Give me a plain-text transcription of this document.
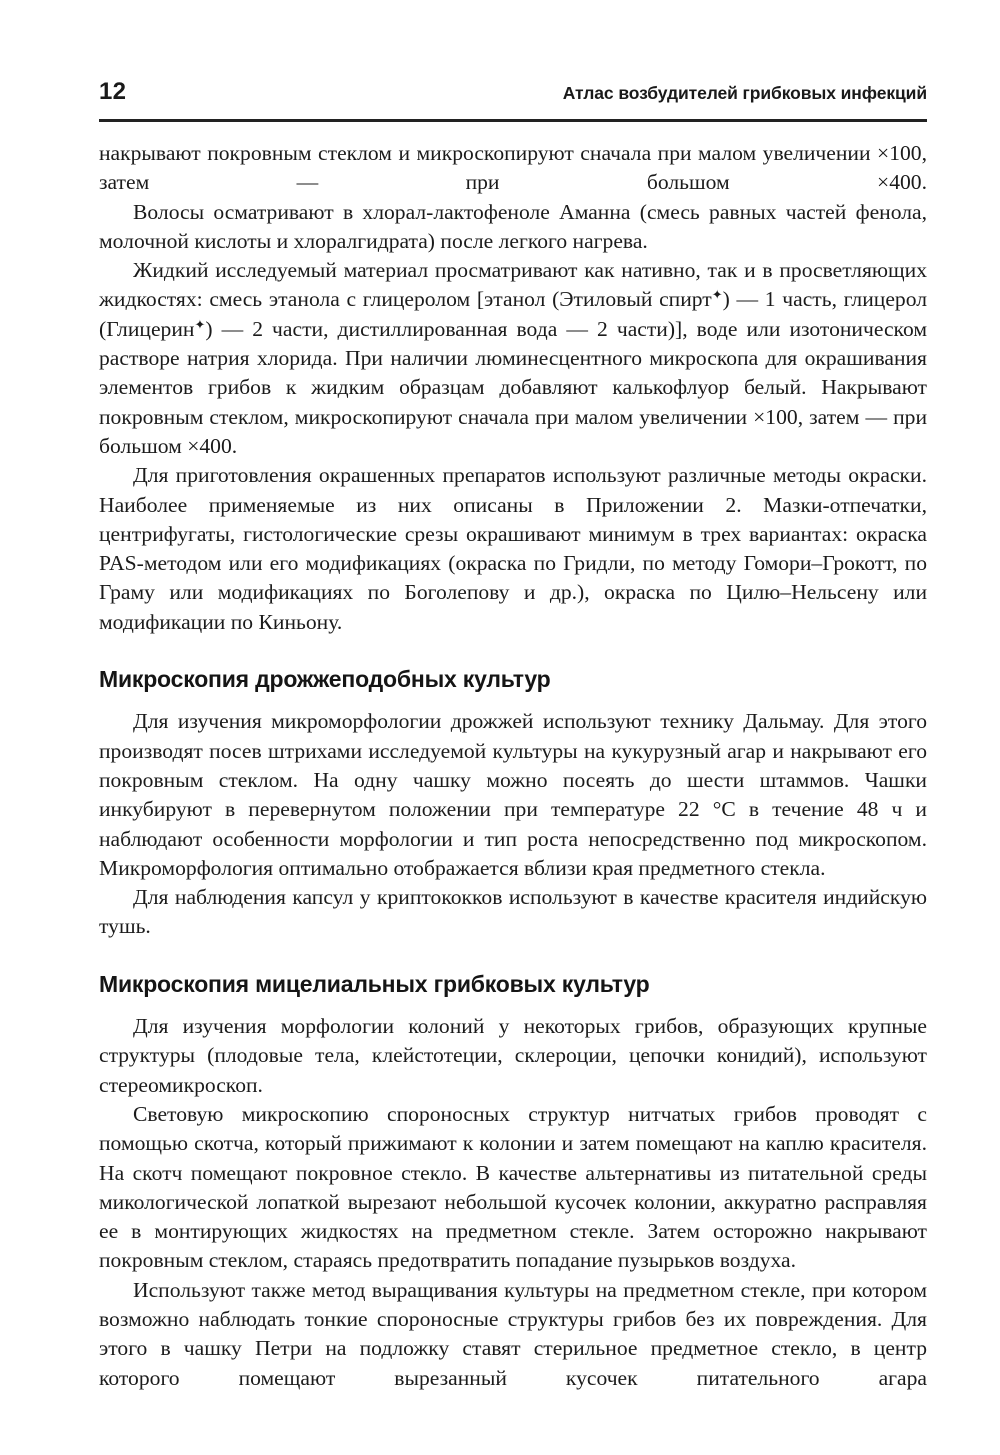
12	Атлас возбудителей грибковых инфекций

накрывают покровным стеклом и микроскопируют сначала при малом увеличении ×100, затем — при большом ×400.

Волосы осматривают в хлорал-лактофеноле Аманна (смесь равных частей фенола, молочной кислоты и хлоралгидрата) после легкого нагрева.

Жидкий исследуемый материал просматривают как нативно, так и в просветляющих жидкостях: смесь этанола с глицеролом [этанол (Этиловый спирт✦) — 1 часть, глицерол (Глицерин✦) — 2 части, дистиллированная вода — 2 части)], воде или изотоническом растворе натрия хлорида. При наличии люминесцентного микроскопа для окрашивания элементов грибов к жидким образцам добавляют калькофлуор белый. Накрывают покровным стеклом, микроскопируют сначала при малом увеличении ×100, затем — при большом ×400.

Для приготовления окрашенных препаратов используют различные методы окраски. Наиболее применяемые из них описаны в Приложении 2. Мазки-отпечатки, центрифугаты, гистологические срезы окрашивают минимум в трех вариантах: окраска PAS-методом или его модификациях (окраска по Гридли, по методу Гомори–Грокотт, по Граму или модификациях по Боголепову и др.), окраска по Цилю–Нельсену или модификации по Киньону.

Микроскопия дрожжеподобных культур

Для изучения микроморфологии дрожжей используют технику Дальмау. Для этого производят посев штрихами исследуемой культуры на кукурузный агар и накрывают его покровным стеклом. На одну чашку можно посеять до шести штаммов. Чашки инкубируют в перевернутом положении при температуре 22 °C в течение 48 ч и наблюдают особенности морфологии и тип роста непосредственно под микроскопом. Микроморфология оптимально отображается вблизи края предметного стекла.

Для наблюдения капсул у криптококков используют в качестве красителя индийскую тушь.

Микроскопия мицелиальных грибковых культур

Для изучения морфологии колоний у некоторых грибов, образующих крупные структуры (плодовые тела, клейстотеции, склероции, цепочки конидий), используют стереомикроскоп.

Световую микроскопию спороносных структур нитчатых грибов проводят с помощью скотча, который прижимают к колонии и затем помещают на каплю красителя. На скотч помещают покровное стекло. В качестве альтернативы из питательной среды микологической лопаткой вырезают небольшой кусочек колонии, аккуратно расправляя ее в монтирующих жидкостях на предметном стекле. Затем осторожно накрывают покровным стеклом, стараясь предотвратить попадание пузырьков воздуха.

Используют также метод выращивания культуры на предметном стекле, при котором возможно наблюдать тонкие спороносные структуры грибов без их повреждения. Для этого в чашку Петри на подложку ставят стерильное предметное стекло, в центр которого помещают вырезанный кусочек питательного агара
